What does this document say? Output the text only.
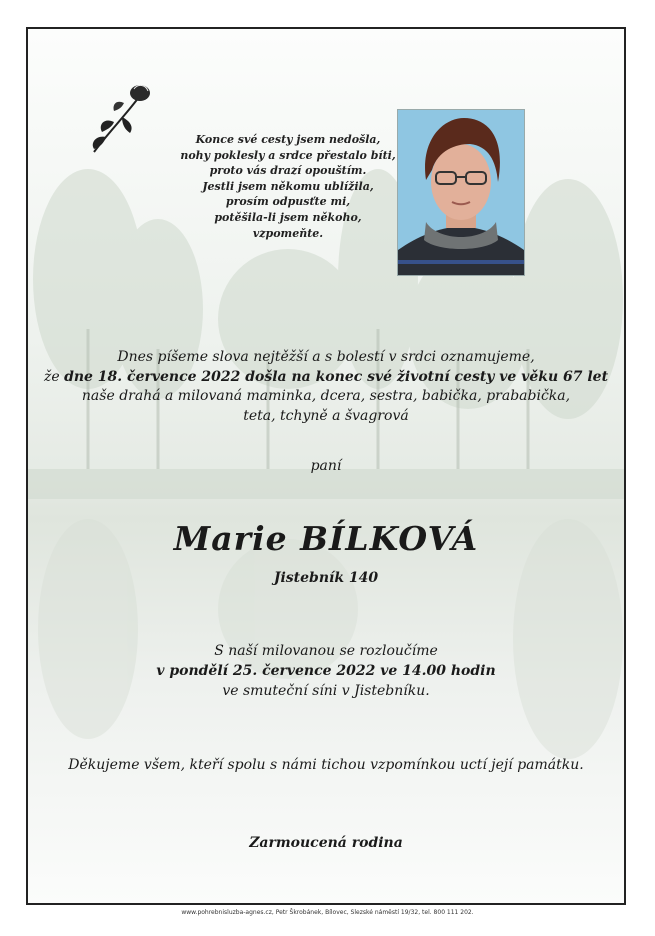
Konce své cesty jsem nedošla,
nohy poklesly a srdce přestalo bíti,
proto vás drazí opouštím.
Jestli jsem někomu ublížila,
prosím odpusťte mi,
potěšila-li jsem někoho,
vzpomeňte.
Dnes píšeme slova nejtěžší a s bolestí v srdci oznamujeme,
že dne 18. července 2022 došla na konec své životní cesty ve věku 67 let
naše drahá a milovaná maminka, dcera, sestra, babička, prababička,
teta, tchyně a švagrová
paní
Marie BÍLKOVÁ
Jistebník 140
S naší milovanou se rozloučíme
v pondělí 25. července 2022 ve 14.00 hodin
ve smuteční síni v Jistebníku.
Děkujeme všem, kteří spolu s námi tichou vzpomínkou uctí její památku.
Zarmoucená rodina
www.pohrebnisluzba-agnes.cz, Petr Škrobánek, Bílovec, Slezské náměstí 19/32, tel. 800 111 202.
